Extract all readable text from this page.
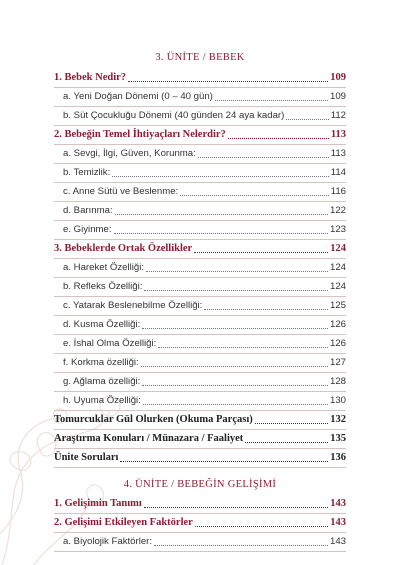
3. ÜNİTE / BEBEK
1. Bebek Nedir?	109
a. Yeni Doğan Dönemi (0 – 40 gün)	109
b. Süt Çocukluğu Dönemi (40 günden 24 aya kadar)	112
2. Bebeğin Temel İhtiyaçları Nelerdir?	113
a. Sevgi, İlgi, Güven, Korunma:	113
b. Temizlik:	114
c. Anne Sütü ve Beslenme:	116
d. Barınma:	122
e. Giyinme:	123
3. Bebeklerde Ortak Özellikler	124
a. Hareket Özelliği:	124
b. Refleks Özelliği:	124
c. Yatarak Beslenebilme Özelliği:	125
d. Kusma Özelliği:	126
e. İshal Olma Özelliği:	126
f. Korkma özelliği:	127
g. Ağlama özelliği:	128
h. Uyuma Özelliği:	130
Tomurcuklar Gül Olurken (Okuma Parçası)	132
Araştırma Konuları / Münazara / Faaliyet	135
Ünite Soruları	136
4. ÜNİTE / BEBEĞİN GELİŞİMİ
1. Gelişimin Tanımı	143
2. Gelişimi Etkileyen Faktörler	143
a. Biyolojik Faktörler:	143
